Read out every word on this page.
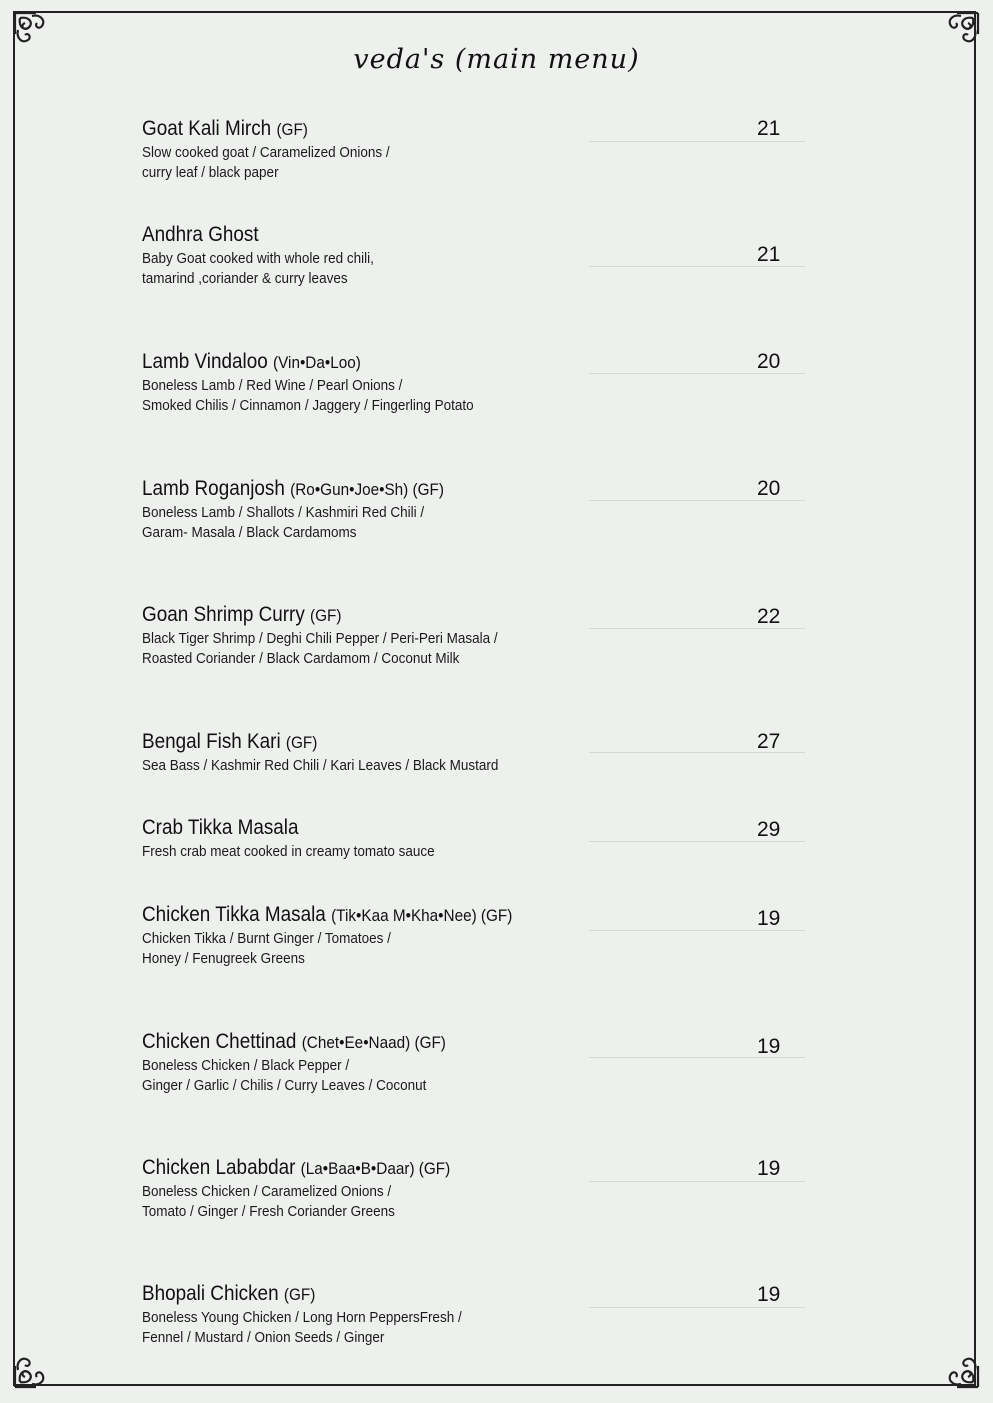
veda's (main menu)
Goat Kali Mirch (GF)
Slow cooked goat / Caramelized Onions /
curry leaf / black paper
21
Andhra Ghost
Baby Goat cooked with whole red chili,
tamarind ,coriander & curry leaves
21
Lamb Vindaloo (Vin•Da•Loo)
Boneless Lamb / Red Wine / Pearl Onions /
Smoked Chilis / Cinnamon / Jaggery / Fingerling Potato
20
Lamb Roganjosh (Ro•Gun•Joe•Sh) (GF)
Boneless Lamb / Shallots / Kashmiri Red Chili /
Garam- Masala / Black Cardamoms
20
Goan Shrimp Curry (GF)
Black Tiger Shrimp / Deghi Chili Pepper / Peri-Peri Masala /
Roasted Coriander / Black Cardamom / Coconut Milk
22
Bengal Fish Kari (GF)
Sea Bass / Kashmir Red Chili / Kari Leaves / Black Mustard
27
Crab Tikka Masala
Fresh crab meat cooked in creamy tomato sauce
29
Chicken Tikka Masala (Tik•Kaa M•Kha•Nee) (GF)
Chicken Tikka / Burnt Ginger / Tomatoes /
Honey / Fenugreek Greens
19
Chicken Chettinad (Chet•Ee•Naad) (GF)
Boneless Chicken / Black Pepper /
Ginger / Garlic / Chilis / Curry Leaves / Coconut
19
Chicken Lababdar (La•Baa•B•Daar) (GF)
Boneless Chicken / Caramelized Onions /
Tomato / Ginger / Fresh Coriander Greens
19
Bhopali Chicken (GF)
Boneless Young Chicken / Long Horn PeppersFresh /
Fennel / Mustard / Onion Seeds / Ginger
19
